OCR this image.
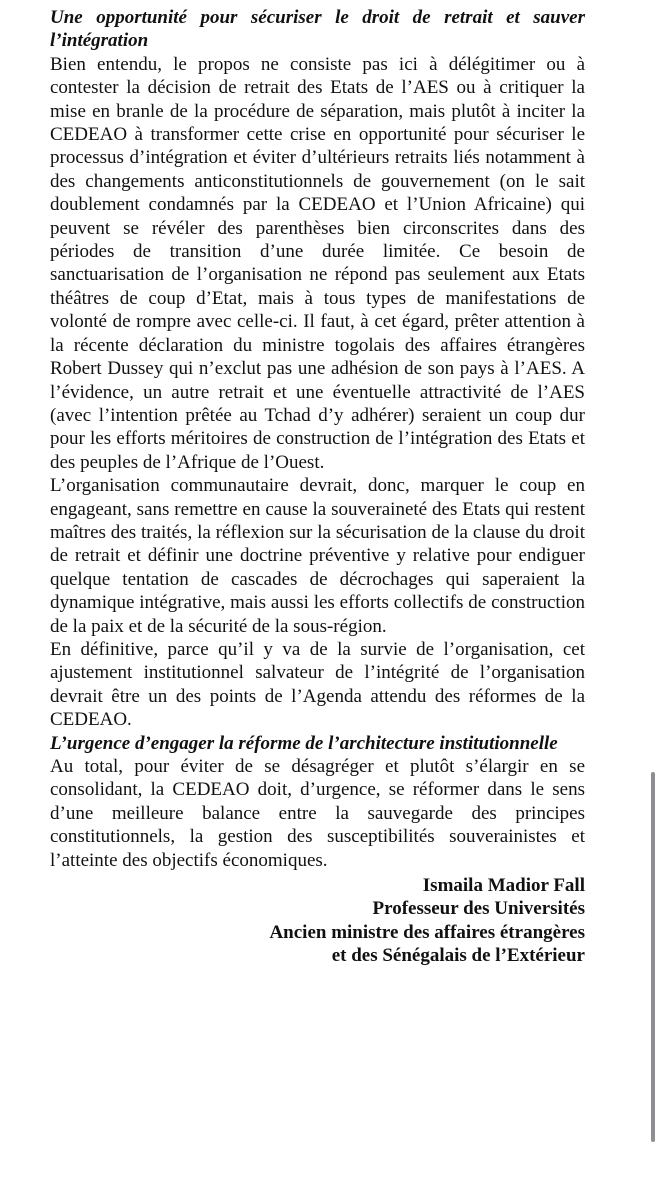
Une opportunité pour sécuriser le droit de retrait et sauver l’intégration

Bien entendu, le propos ne consiste pas ici à délégitimer ou à contester la décision de retrait des Etats de l’AES ou à critiquer la mise en branle de la procédure de séparation, mais plutôt à inciter la CEDEAO à transformer cette crise en opportunité pour sécuriser le processus d’intégration et éviter d’ultérieurs retraits liés notamment à des changements anticonstitutionnels de gouvernement (on le sait doublement condamnés par la CEDEAO et l’Union Africaine) qui peuvent se révéler des parenthèses bien circonscrites dans des périodes de transition d’une durée limitée. Ce besoin de sanctuarisation de l’organisation ne répond pas seulement aux Etats théâtres de coup d’Etat, mais à tous types de manifestations de volonté de rompre avec celle-ci. Il faut, à cet égard, prêter attention à la récente déclaration du ministre togolais des affaires étrangères Robert Dussey qui n’exclut pas une adhésion de son pays à l’AES. A l’évidence, un autre retrait et une éventuelle attractivité de l’AES (avec l’intention prêtée au Tchad d’y adhérer) seraient un coup dur pour les efforts méritoires de construction de l’intégration des Etats et des peuples de l’Afrique de l’Ouest.

L’organisation communautaire devrait, donc, marquer le coup en engageant, sans remettre en cause la souveraineté des Etats qui restent maîtres des traités, la réflexion sur la sécurisation de la clause du droit de retrait et définir une doctrine préventive y relative pour endiguer quelque tentation de cascades de décrochages qui saperaient la dynamique intégrative, mais aussi les efforts collectifs de construction de la paix et de la sécurité de la sous-région.

En définitive, parce qu’il y va de la survie de l’organisation, cet ajustement institutionnel salvateur de l’intégrité de l’organisation devrait être un des points de l’Agenda attendu des réformes de la CEDEAO.

L’urgence d’engager la réforme de l’architecture institutionnelle

Au total, pour éviter de se désagréger et plutôt s’élargir en se consolidant, la CEDEAO doit, d’urgence, se réformer dans le sens d’une meilleure balance entre la sauvegarde des principes constitutionnels, la gestion des susceptibilités souverainistes et l’atteinte des objectifs économiques.

Ismaila Madior Fall
Professeur des Universités
Ancien ministre des affaires étrangères
et des Sénégalais de l’Extérieur
